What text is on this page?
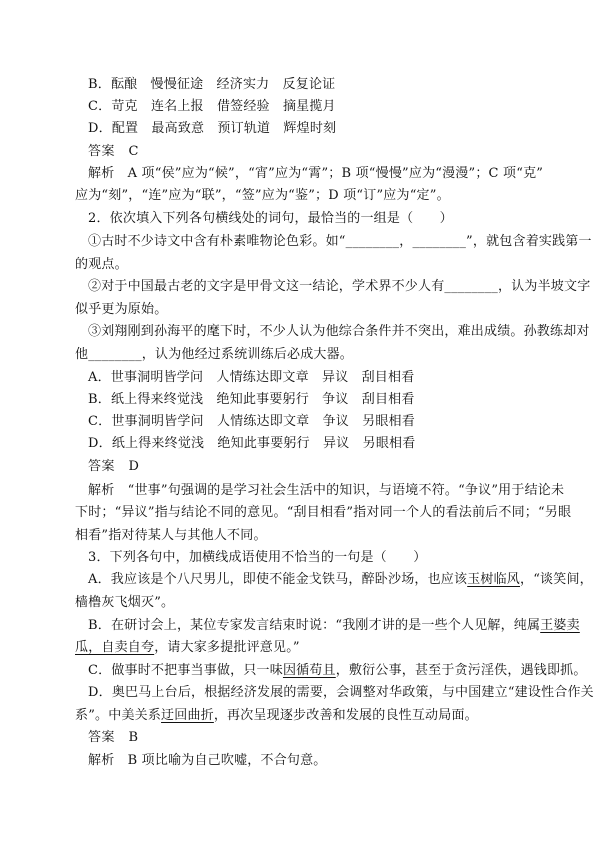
B．酝酿　慢慢征途　经济实力　反复论证
C．苛克　连名上报　借签经验　摘星揽月
D．配置　最高致意　预订轨道　辉煌时刻
答案　C
解析　A 项“侯”应为“候”，“宵”应为“霄”；B 项“慢慢”应为“漫漫”；C 项“克”
应为“刻”，“连”应为“联”，“签”应为“鉴”；D 项“订”应为“定”。
2．依次填入下列各句横线处的词句，最恰当的一组是（　　）
①古时不少诗文中含有朴素唯物论色彩。如“________，________”，就包含着实践第一
的观点。
②对于中国最古老的文字是甲骨文这一结论，学术界不少人有________，认为半坡文字
似乎更为原始。
③刘翔刚到孙海平的麾下时，不少人认为他综合条件并不突出，难出成绩。孙教练却对
他________，认为他经过系统训练后必成大器。
A．世事洞明皆学问　人情练达即文章　异议　刮目相看
B．纸上得来终觉浅　绝知此事要躬行　争议　刮目相看
C．世事洞明皆学问　人情练达即文章　争议　另眼相看
D．纸上得来终觉浅　绝知此事要躬行　异议　另眼相看
答案　D
解析　“世事”句强调的是学习社会生活中的知识，与语境不符。“争议”用于结论未
下时；“异议”指与结论不同的意见。“刮目相看”指对同一个人的看法前后不同；“另眼
相看”指对待某人与其他人不同。
3．下列各句中，加横线成语使用不恰当的一句是（　　）
A．我应该是个八尺男儿，即使不能金戈铁马，醉卧沙场，也应该玉树临风，“谈笑间，
樯橹灰飞烟灭”。
B．在研讨会上，某位专家发言结束时说：“我刚才讲的是一些个人见解，纯属王婆卖
瓜，自卖自夸，请大家多提批评意见。”
C．做事时不把事当事做，只一味因循苟且，敷衍公事，甚至于贪污淫佚，遇钱即抓。
D．奥巴马上台后，根据经济发展的需要，会调整对华政策，与中国建立“建设性合作关
系”。中美关系迂回曲折，再次呈现逐步改善和发展的良性互动局面。
答案　B
解析　B 项比喻为自己吹嘘，不合句意。
